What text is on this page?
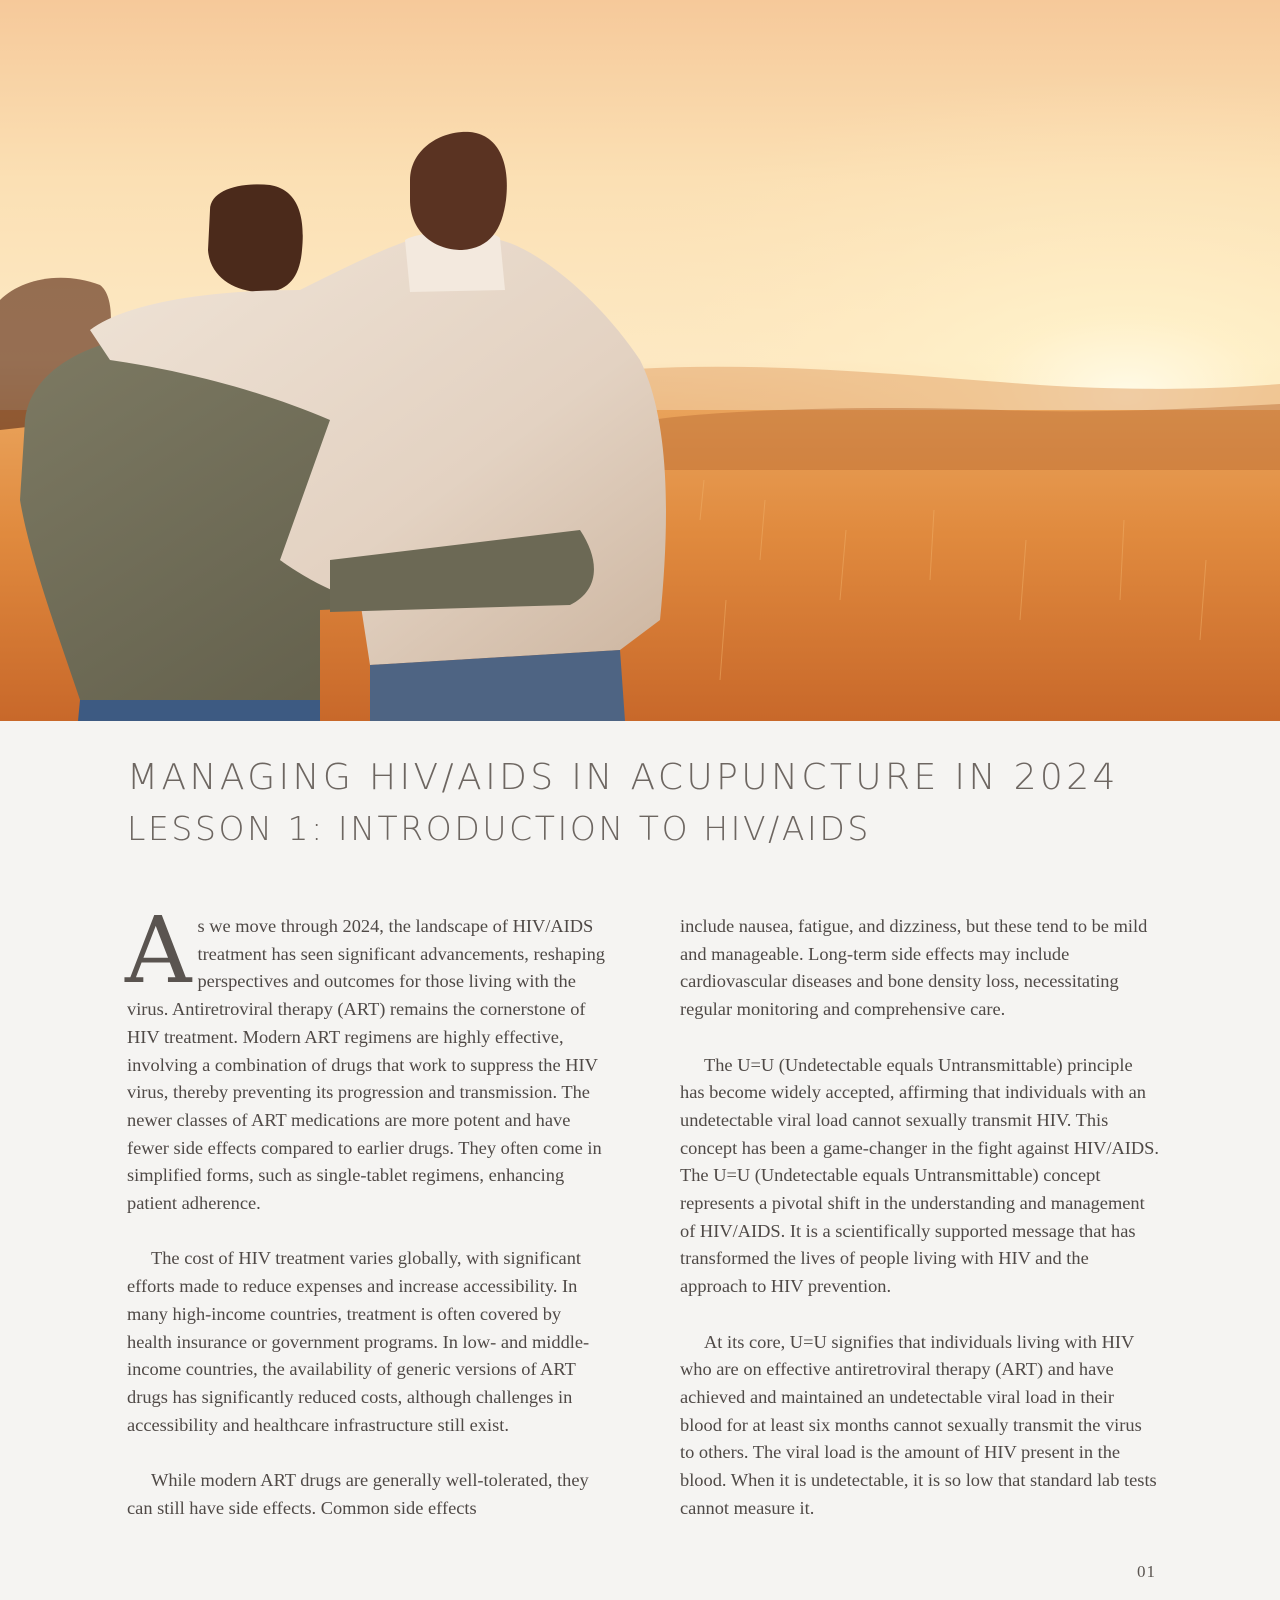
MANAGING HIV/AIDS IN ACUPUNCTURE IN 2024
LESSON 1: INTRODUCTION TO HIV/AIDS

As we move through 2024, the landscape of HIV/AIDS treatment has seen significant advancements, reshaping perspectives and outcomes for those living with the virus. Antiretroviral therapy (ART) remains the cornerstone of HIV treatment. Modern ART regimens are highly effective, involving a combination of drugs that work to suppress the HIV virus, thereby preventing its progression and transmission. The newer classes of ART medications are more potent and have fewer side effects compared to earlier drugs. They often come in simplified forms, such as single-tablet regimens, enhancing patient adherence.

The cost of HIV treatment varies globally, with significant efforts made to reduce expenses and increase accessibility. In many high-income countries, treatment is often covered by health insurance or government programs. In low- and middle-income countries, the availability of generic versions of ART drugs has significantly reduced costs, although challenges in accessibility and healthcare infrastructure still exist.

While modern ART drugs are generally well-tolerated, they can still have side effects. Common side effects

include nausea, fatigue, and dizziness, but these tend to be mild and manageable. Long-term side effects may include cardiovascular diseases and bone density loss, necessitating regular monitoring and comprehensive care.

The U=U (Undetectable equals Untransmittable) principle has become widely accepted, affirming that individuals with an undetectable viral load cannot sexually transmit HIV. This concept has been a game-changer in the fight against HIV/AIDS. The U=U (Undetectable equals Untransmittable) concept represents a pivotal shift in the understanding and management of HIV/AIDS. It is a scientifically supported message that has transformed the lives of people living with HIV and the approach to HIV prevention.

At its core, U=U signifies that individuals living with HIV who are on effective antiretroviral therapy (ART) and have achieved and maintained an undetectable viral load in their blood for at least six months cannot sexually transmit the virus to others. The viral load is the amount of HIV present in the blood. When it is undetectable, it is so low that standard lab tests cannot measure it.

01
